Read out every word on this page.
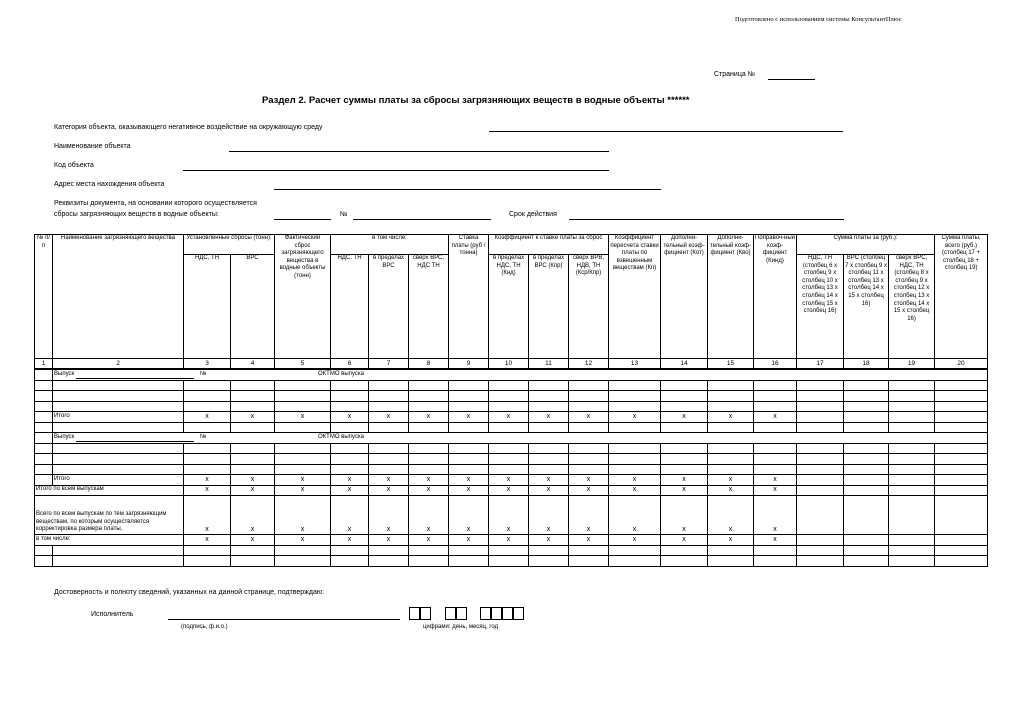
Подготовлено с использованием системы КонсультантПлюс
Страница №
Раздел 2. Расчет суммы платы за сбросы загрязняющих веществ в водные объекты ******
Категория объекта, оказывающего негативное воздействие на окружающую среду
Наименование объекта
Код объекта
Адрес места нахождения объекта
Реквизиты документа, на основании которого осуществляется
сбросы загрязняющих веществ в водные объекты:	№	Срок действия
№ п/п	Наименование загрязняющего вещества	Установленные сбросы (тонн):		Фактический сброс загрязняющего вещества в водные объекты (тонн)	в том числе:			Ставка платы (руб / тонна)	Коэффициент к ставке платы за сброс			Коэффициент пересчета ставки платы по взвешенным веществам (Кп)	Дополни-тельный коэф-фициент (Кот)	Дополни-тельный коэф-фициент (Кво)	Поправоч-ный коэф-фициент (Кинд)	Сумма платы за (руб.):			Сумма платы, всего (руб.) (столбец 17 + столбец 18 + столбец 19)
		НДС, ТН	ВРС		НДС, ТН	в пределах ВРС	сверх ВРС, НДС ТН		в пределах НДС, ТН (Кнд)	в пределах ВРС (Кпр)	сверх ВРВ, НДВ, ТН (Кср/Кпр)					НДС, ТН (столбец 6 х столбец 9 х столбец 10 х столбец 13 х столбец 14 х столбец 15 х столбец 16)	ВРС (столбец 7 х столбец 9 х столбец 11 х столбец 13 х столбец 14 х 15 х столбец 16)	сверх ВРС, НДС, ТН (столбец 8 х столбец 9 х столбец 12 х столбец 13 х столбец 14 х 15 х столбец 16)	
1	2	3	4	5	6	7	8	9	10	11	12	13	14	15	16	17	18	19	20
	Выпуск № ОКТМО выпуска																		

	Итого	x	x	x	x	x	x	x	x	x	x	x	x	x	x				

	Выпуск № ОКТМО выпуска																		

	Итого	x	x	x	x	x	x	x	x	x	x	x	x	x	x				
Итого по всем выпускам		x	x	x	x	x	x	x	x	x	x	x	x	x	x				
Всего по всем выпускам по тем загрязняющим веществам, по которым осуществляется корректировка размера платы,		x	x	x	x	x	x	x	x	x	x	x	x	x	x				
в том числе:		x	x	x	x	x	x	x	x	x	x	x	x	x	x				

Достоверность и полноту сведений, указанных на данной странице, подтверждаю:
Исполнитель
(подпись, ф.и.о.)	цифрами: день, месяц, год
